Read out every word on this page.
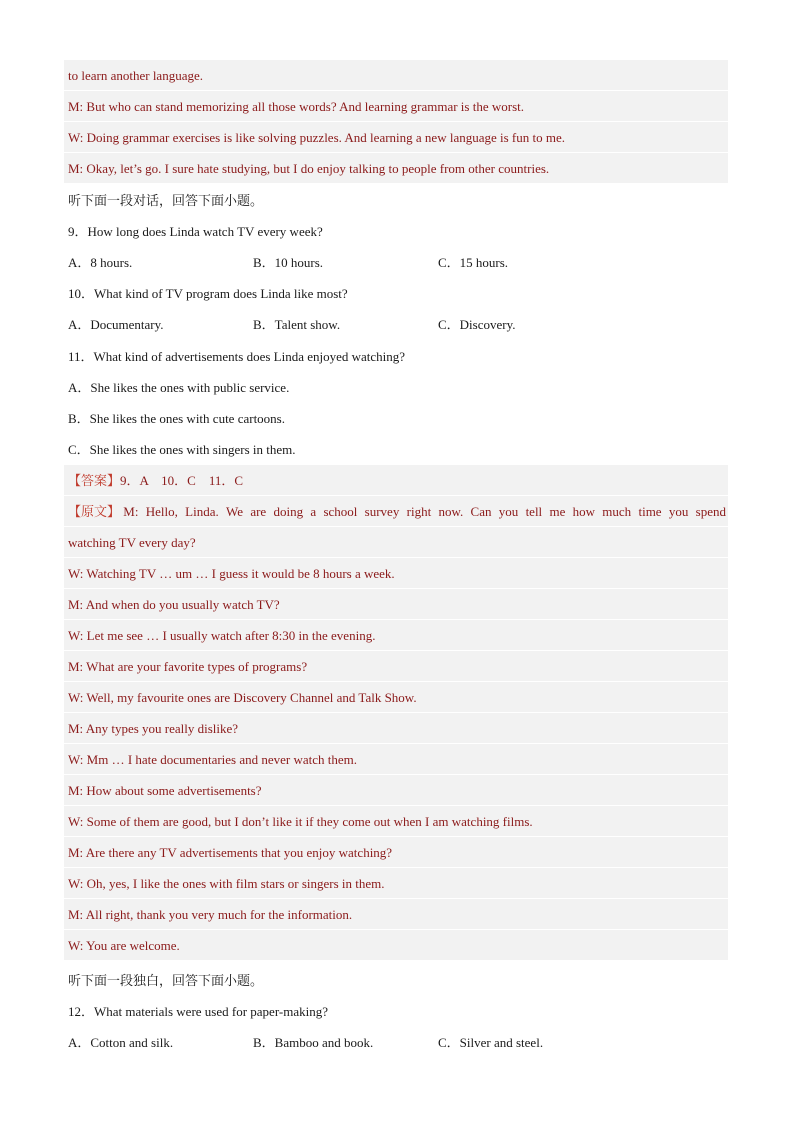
to learn another language.
M: But who can stand memorizing all those words? And learning grammar is the worst.
W: Doing grammar exercises is like solving puzzles. And learning a new language is fun to me.
M: Okay, let’s go. I sure hate studying, but I do enjoy talking to people from other countries.
听下面一段对话，回答下面小题。
9．How long does Linda watch TV every week?
A．8 hours.	B．10 hours.	C．15 hours.
10．What kind of TV program does Linda like most?
A．Documentary.	B．Talent show.	C．Discovery.
11．What kind of advertisements does Linda enjoyed watching?
A．She likes the ones with public service.
B．She likes the ones with cute cartoons.
C．She likes the ones with singers in them.
【答案】9．A　10．C　11．C
【原文】 M: Hello, Linda. We are doing a school survey right now. Can you tell me how much time you spend
watching TV every day?
W: Watching TV … um … I guess it would be 8 hours a week.
M: And when do you usually watch TV?
W: Let me see … I usually watch after 8:30 in the evening.
M: What are your favorite types of programs?
W: Well, my favourite ones are Discovery Channel and Talk Show.
M: Any types you really dislike?
W: Mm … I hate documentaries and never watch them.
M: How about some advertisements?
W: Some of them are good, but I don’t like it if they come out when I am watching films.
M: Are there any TV advertisements that you enjoy watching?
W: Oh, yes, I like the ones with film stars or singers in them.
M: All right, thank you very much for the information.
W: You are welcome.
听下面一段独白，回答下面小题。
12．What materials were used for paper-making?
A．Cotton and silk.	B．Bamboo and book.	C．Silver and steel.
